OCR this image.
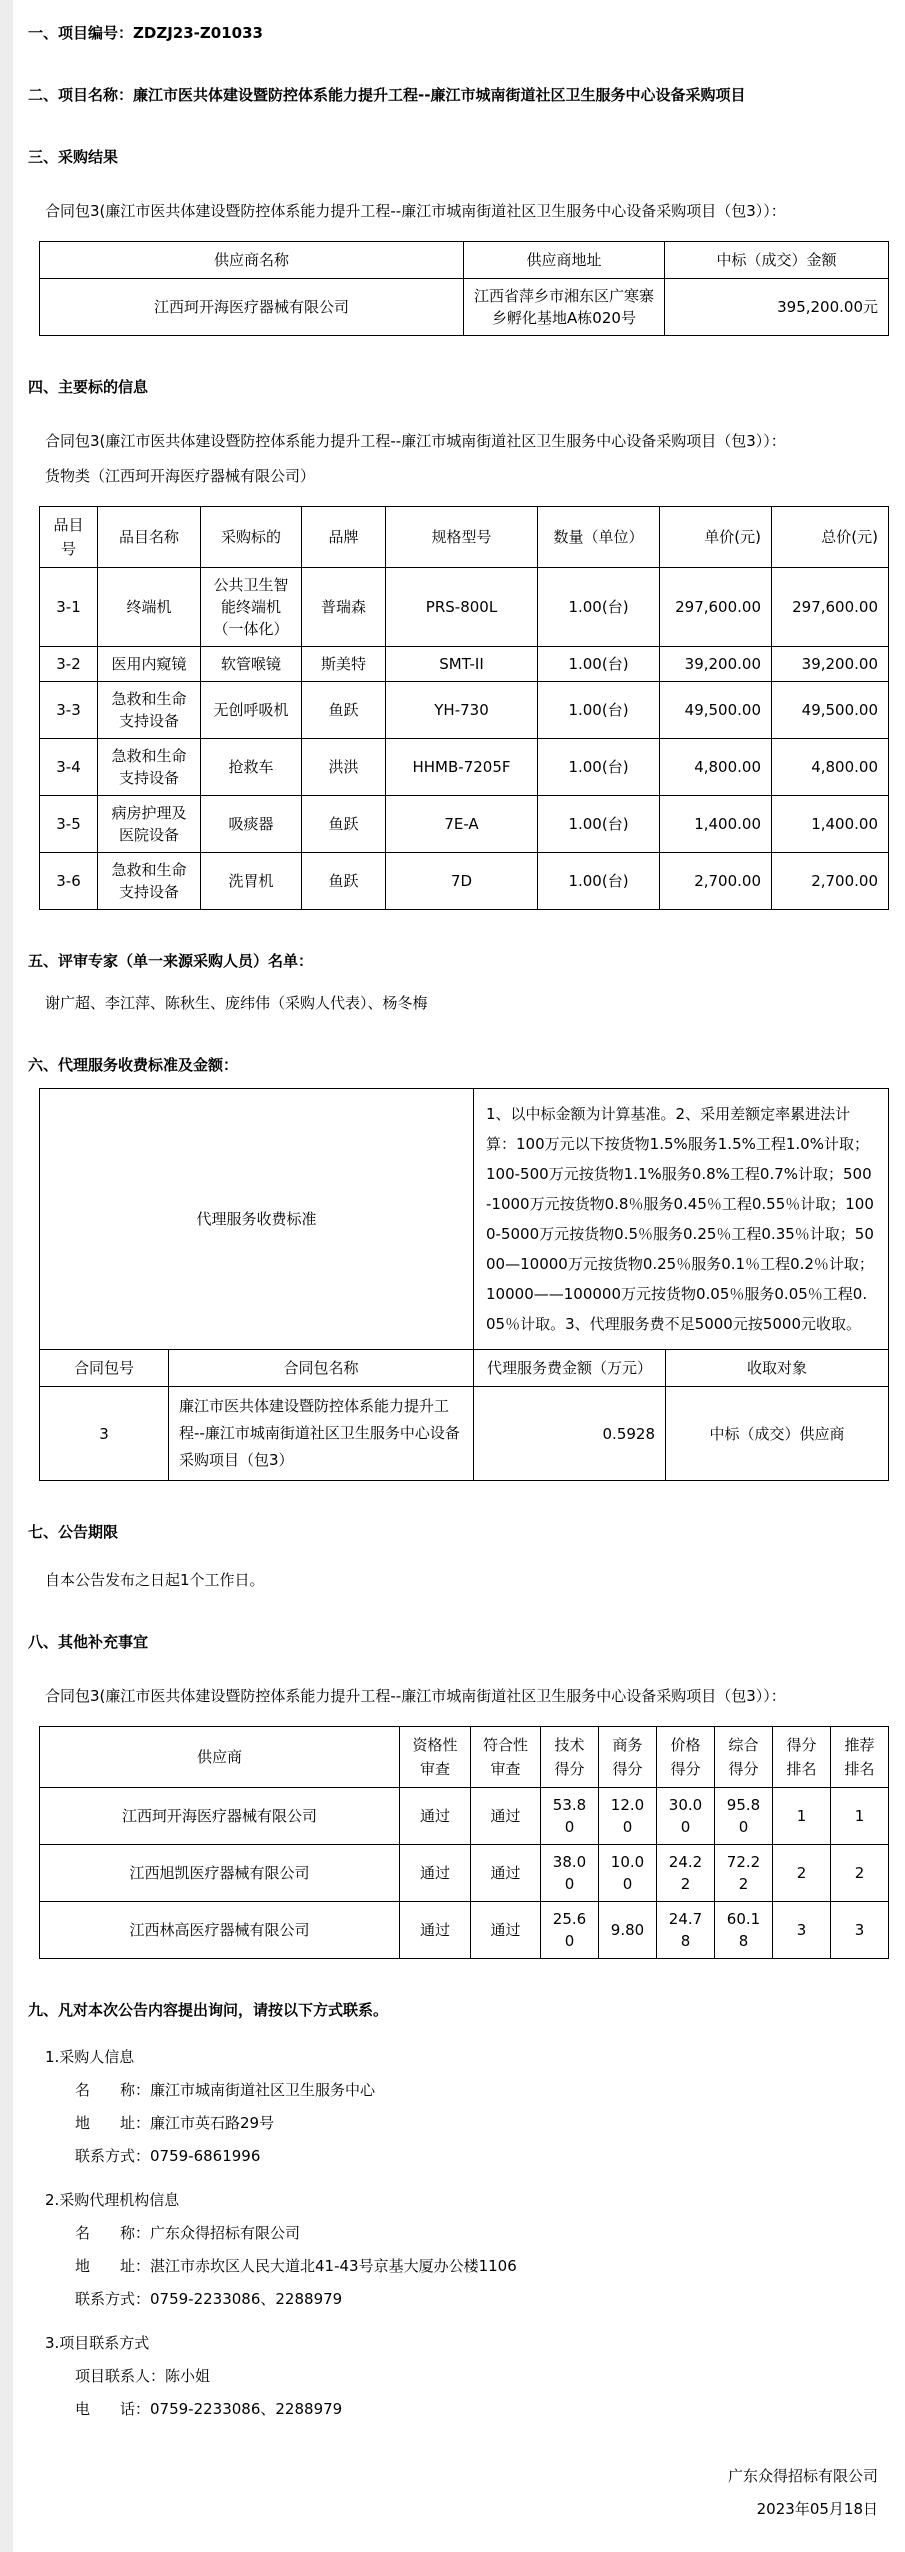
一、项目编号：ZDZJ23-Z01033
二、项目名称：廉江市医共体建设暨防控体系能力提升工程--廉江市城南街道社区卫生服务中心设备采购项目
三、采购结果
合同包3(廉江市医共体建设暨防控体系能力提升工程--廉江市城南街道社区卫生服务中心设备采购项目（包3））：
供应商名称	供应商地址	中标（成交）金额
江西珂开海医疗器械有限公司	江西省萍乡市湘东区广寒寨乡孵化基地A栋020号	395,200.00元
四、主要标的信息
合同包3(廉江市医共体建设暨防控体系能力提升工程--廉江市城南街道社区卫生服务中心设备采购项目（包3））：
货物类（江西珂开海医疗器械有限公司）
品目号	品目名称	采购标的	品牌	规格型号	数量（单位）	单价(元)	总价(元)
3-1	终端机	公共卫生智能终端机（一体化）	普瑞森	PRS-800L	1.00(台)	297,600.00	297,600.00
3-2	医用内窥镜	软管喉镜	斯美特	SMT-II	1.00(台)	39,200.00	39,200.00
3-3	急救和生命支持设备	无创呼吸机	鱼跃	YH-730	1.00(台)	49,500.00	49,500.00
3-4	急救和生命支持设备	抢救车	洪洪	HHMB-7205F	1.00(台)	4,800.00	4,800.00
3-5	病房护理及医院设备	吸痰器	鱼跃	7E-A	1.00(台)	1,400.00	1,400.00
3-6	急救和生命支持设备	洗胃机	鱼跃	7D	1.00(台)	2,700.00	2,700.00
五、评审专家（单一来源采购人员）名单：
谢广超、李江萍、陈秋生、庞纬伟（采购人代表）、杨冬梅
六、代理服务收费标准及金额：
代理服务收费标准		1、以中标金额为计算基准。2、采用差额定率累进法计算：100万元以下按货物1.5%服务1.5%工程1.0%计取；100-500万元按货物1.1%服务0.8%工程0.7%计取；500-1000万元按货物0.8％服务0.45％工程0.55％计取；1000-5000万元按货物0.5％服务0.25％工程0.35％计取；5000—10000万元按货物0.25％服务0.1％工程0.2％计取；10000——100000万元按货物0.05％服务0.05％工程0.05％计取。3、代理服务费不足5000元按5000元收取。	
合同包号	合同包名称	代理服务费金额（万元）	收取对象
3	廉江市医共体建设暨防控体系能力提升工程--廉江市城南街道社区卫生服务中心设备采购项目（包3）	0.5928	中标（成交）供应商
七、公告期限
自本公告发布之日起1个工作日。
八、其他补充事宜
合同包3(廉江市医共体建设暨防控体系能力提升工程--廉江市城南街道社区卫生服务中心设备采购项目（包3））：
供应商	资格性审查	符合性审查	技术得分	商务得分	价格得分	综合得分	得分排名	推荐排名
江西珂开海医疗器械有限公司	通过	通过	53.80	12.00	30.00	95.80	1	1
江西旭凯医疗器械有限公司	通过	通过	38.00	10.00	24.22	72.22	2	2
江西林高医疗器械有限公司	通过	通过	25.60	9.80	24.78	60.18	3	3
九、凡对本次公告内容提出询问，请按以下方式联系。
1.采购人信息
名　　称：廉江市城南街道社区卫生服务中心
地　　址：廉江市英石路29号
联系方式：0759-6861996
2.采购代理机构信息
名　　称：广东众得招标有限公司
地　　址：湛江市赤坎区人民大道北41-43号京基大厦办公楼1106
联系方式：0759-2233086、2288979
3.项目联系方式
项目联系人：陈小姐
电　　话：0759-2233086、2288979
广东众得招标有限公司
2023年05月18日
